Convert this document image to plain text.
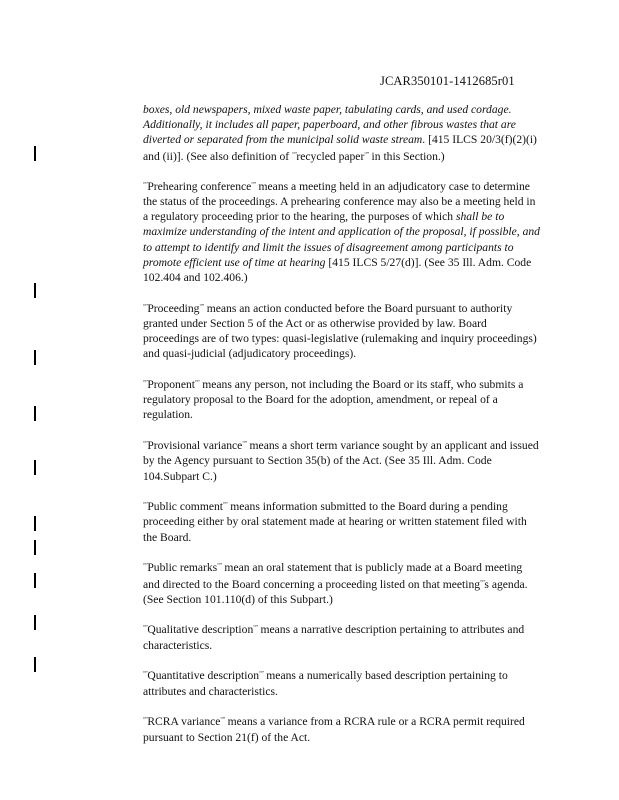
JCAR350101-1412685r01

boxes, old newspapers, mixed waste paper, tabulating cards, and used cordage. Additionally, it includes all paper, paperboard, and other fibrous wastes that are diverted or separated from the municipal solid waste stream. [415 ILCS 20/3(f)(2)(i) and (ii)]. (See also definition of “”recycled paper“” in this Section.)

“”Prehearing conference“” means a meeting held in an adjudicatory case to determine the status of the proceedings. A prehearing conference may also be a meeting held in a regulatory proceeding prior to the hearing, the purposes of which shall be to maximize understanding of the intent and application of the proposal, if possible, and to attempt to identify and limit the issues of disagreement among participants to promote efficient use of time at hearing [415 ILCS 5/27(d)]. (See 35 Ill. Adm. Code 102.404 and 102.406.)

“”Proceeding“” means an action conducted before the Board pursuant to authority granted under Section 5 of the Act or as otherwise provided by law. Board proceedings are of two types: quasi-legislative (rulemaking and inquiry proceedings) and quasi-judicial (adjudicatory proceedings).

“”Proponent“” means any person, not including the Board or its staff, who submits a regulatory proposal to the Board for the adoption, amendment, or repeal of a regulation.

“”Provisional variance“” means a short term variance sought by an applicant and issued by the Agency pursuant to Section 35(b) of the Act. (See 35 Ill. Adm. Code 104.Subpart C.)

“”Public comment“” means information submitted to the Board during a pending proceeding either by oral statement made at hearing or written statement filed with the Board.

“”Public remarks“” mean an oral statement that is publicly made at a Board meeting and directed to the Board concerning a proceeding listed on that meeting“”s agenda. (See Section 101.110(d) of this Subpart.)

“”Qualitative description“” means a narrative description pertaining to attributes and characteristics.

“”Quantitative description“” means a numerically based description pertaining to attributes and characteristics.

“”RCRA variance“” means a variance from a RCRA rule or a RCRA permit required pursuant to Section 21(f) of the Act.
